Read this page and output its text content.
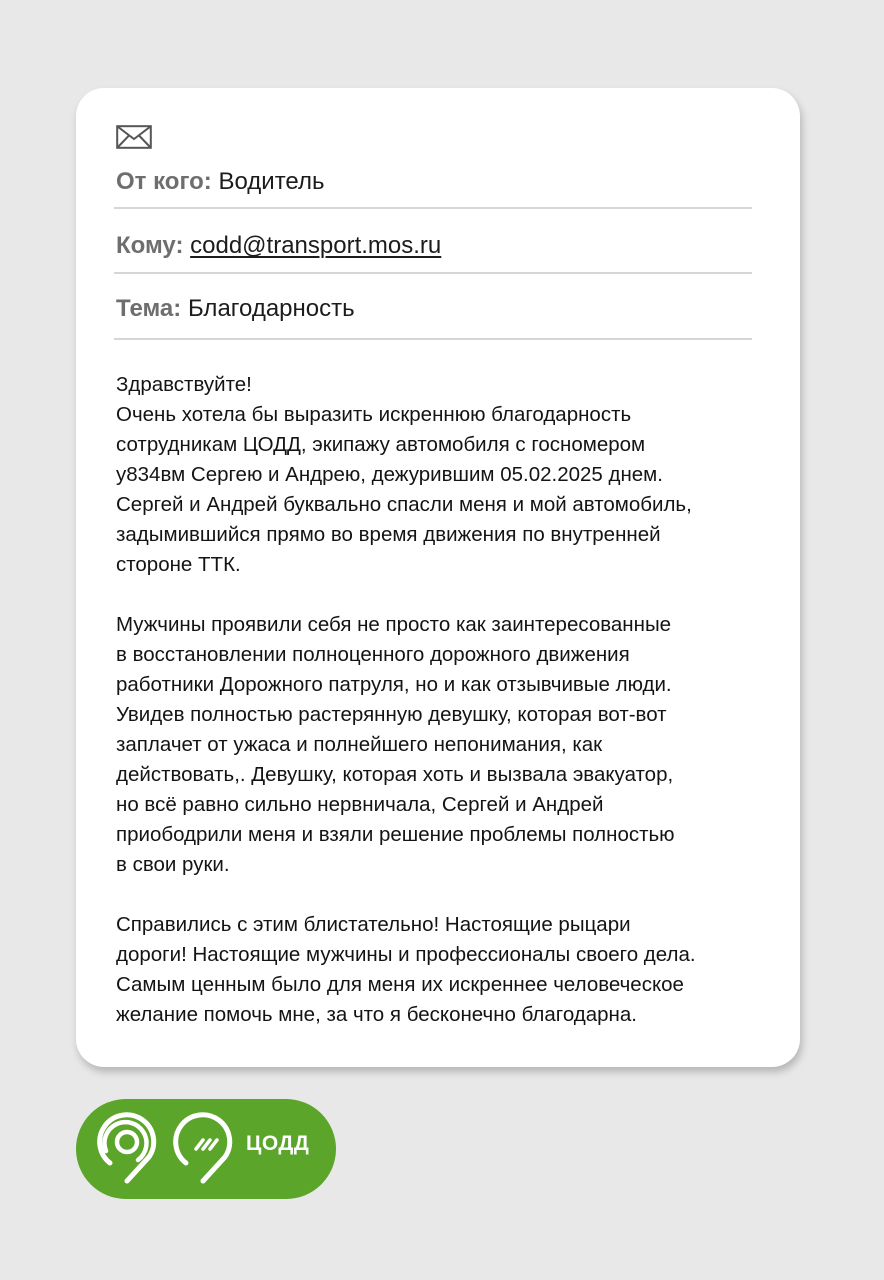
От кого: Водитель
Кому: codd@transport.mos.ru
Тема: Благодарность
Здравствуйте!
Очень хотела бы выразить искреннюю благодарность
сотрудникам ЦОДД, экипажу автомобиля с госномером
у834вм Сергею и Андрею, дежурившим 05.02.2025 днем.
Сергей и Андрей буквально спасли меня и мой автомобиль,
задымившийся прямо во время движения по внутренней
стороне ТТК.
Мужчины проявили себя не просто как заинтересованные
в восстановлении полноценного дорожного движения
работники Дорожного патруля, но и как отзывчивые люди.
Увидев полностью растерянную девушку, которая вот-вот
заплачет от ужаса и полнейшего непонимания, как
действовать,. Девушку, которая хоть и вызвала эвакуатор,
но всё равно сильно нервничала, Сергей и Андрей
приободрили меня и взяли решение проблемы полностью
в свои руки.
Справились с этим блистательно! Настоящие рыцари
дороги! Настоящие мужчины и профессионалы своего дела.
Самым ценным было для меня их искреннее человеческое
желание помочь мне, за что я бесконечно благодарна.
ЦОДД
